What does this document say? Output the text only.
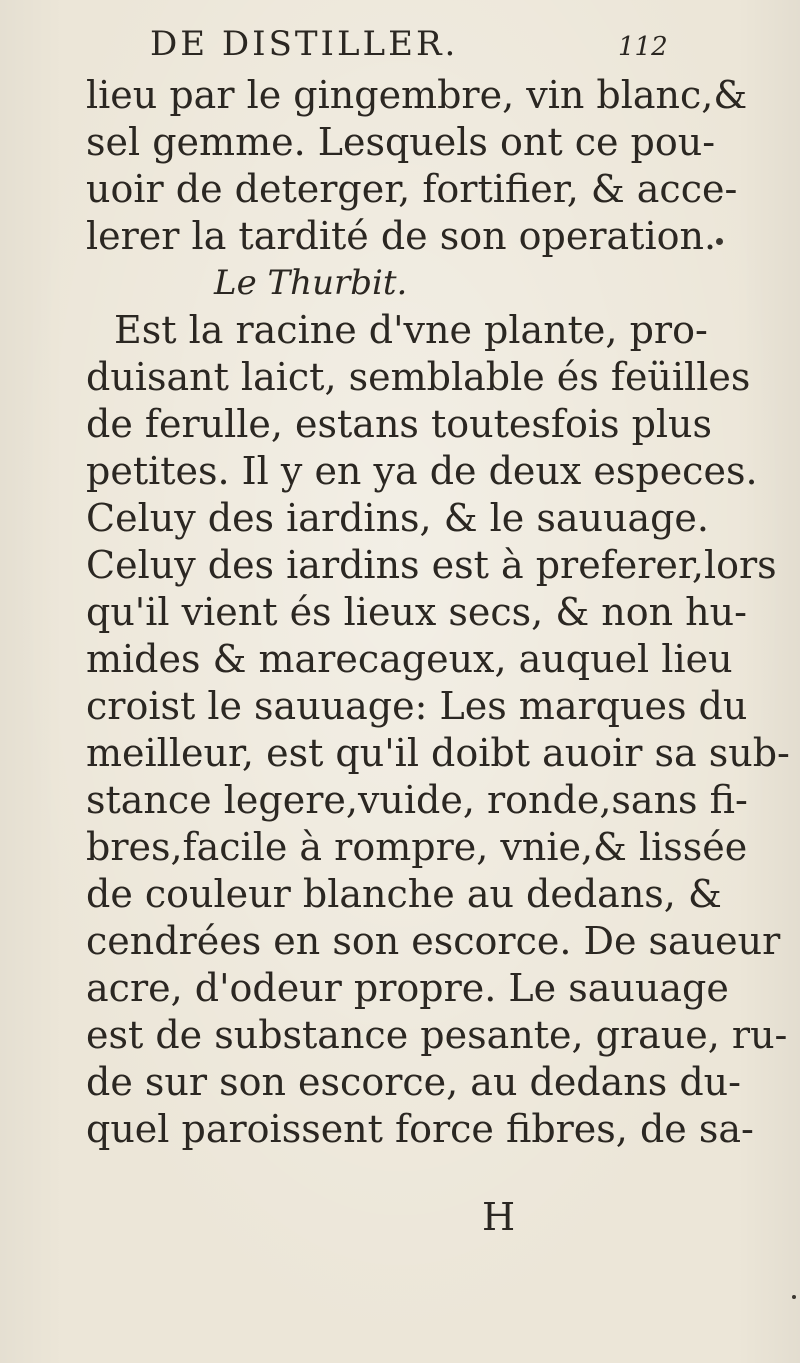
DE DISTILLER.	112
lieu par le gingembre, vin blanc,&
sel gemme. Lesquels ont ce pou-
uoir de deterger, fortifier, & acce-
lerer la tardité de son operation.
Le Thurbit.
Est la racine d'vne plante, pro-
duisant laict, semblable és feüilles
de ferulle, estans toutesfois plus
petites. Il y en ya de deux especes.
Celuy des iardins, & le sauuage.
Celuy des iardins est à preferer,lors
qu'il vient és lieux secs, & non hu-
mides & marecageux, auquel lieu
croist le sauuage: Les marques du
meilleur, est qu'il doibt auoir sa sub-
stance legere,vuide, ronde,sans fi-
bres,facile à rompre, vnie,& lissée
de couleur blanche au dedans, &
cendrées en son escorce. De saueur
acre, d'odeur propre. Le sauuage
est de substance pesante, graue, ru-
de sur son escorce, au dedans du-
quel paroissent force fibres, de sa-
H
